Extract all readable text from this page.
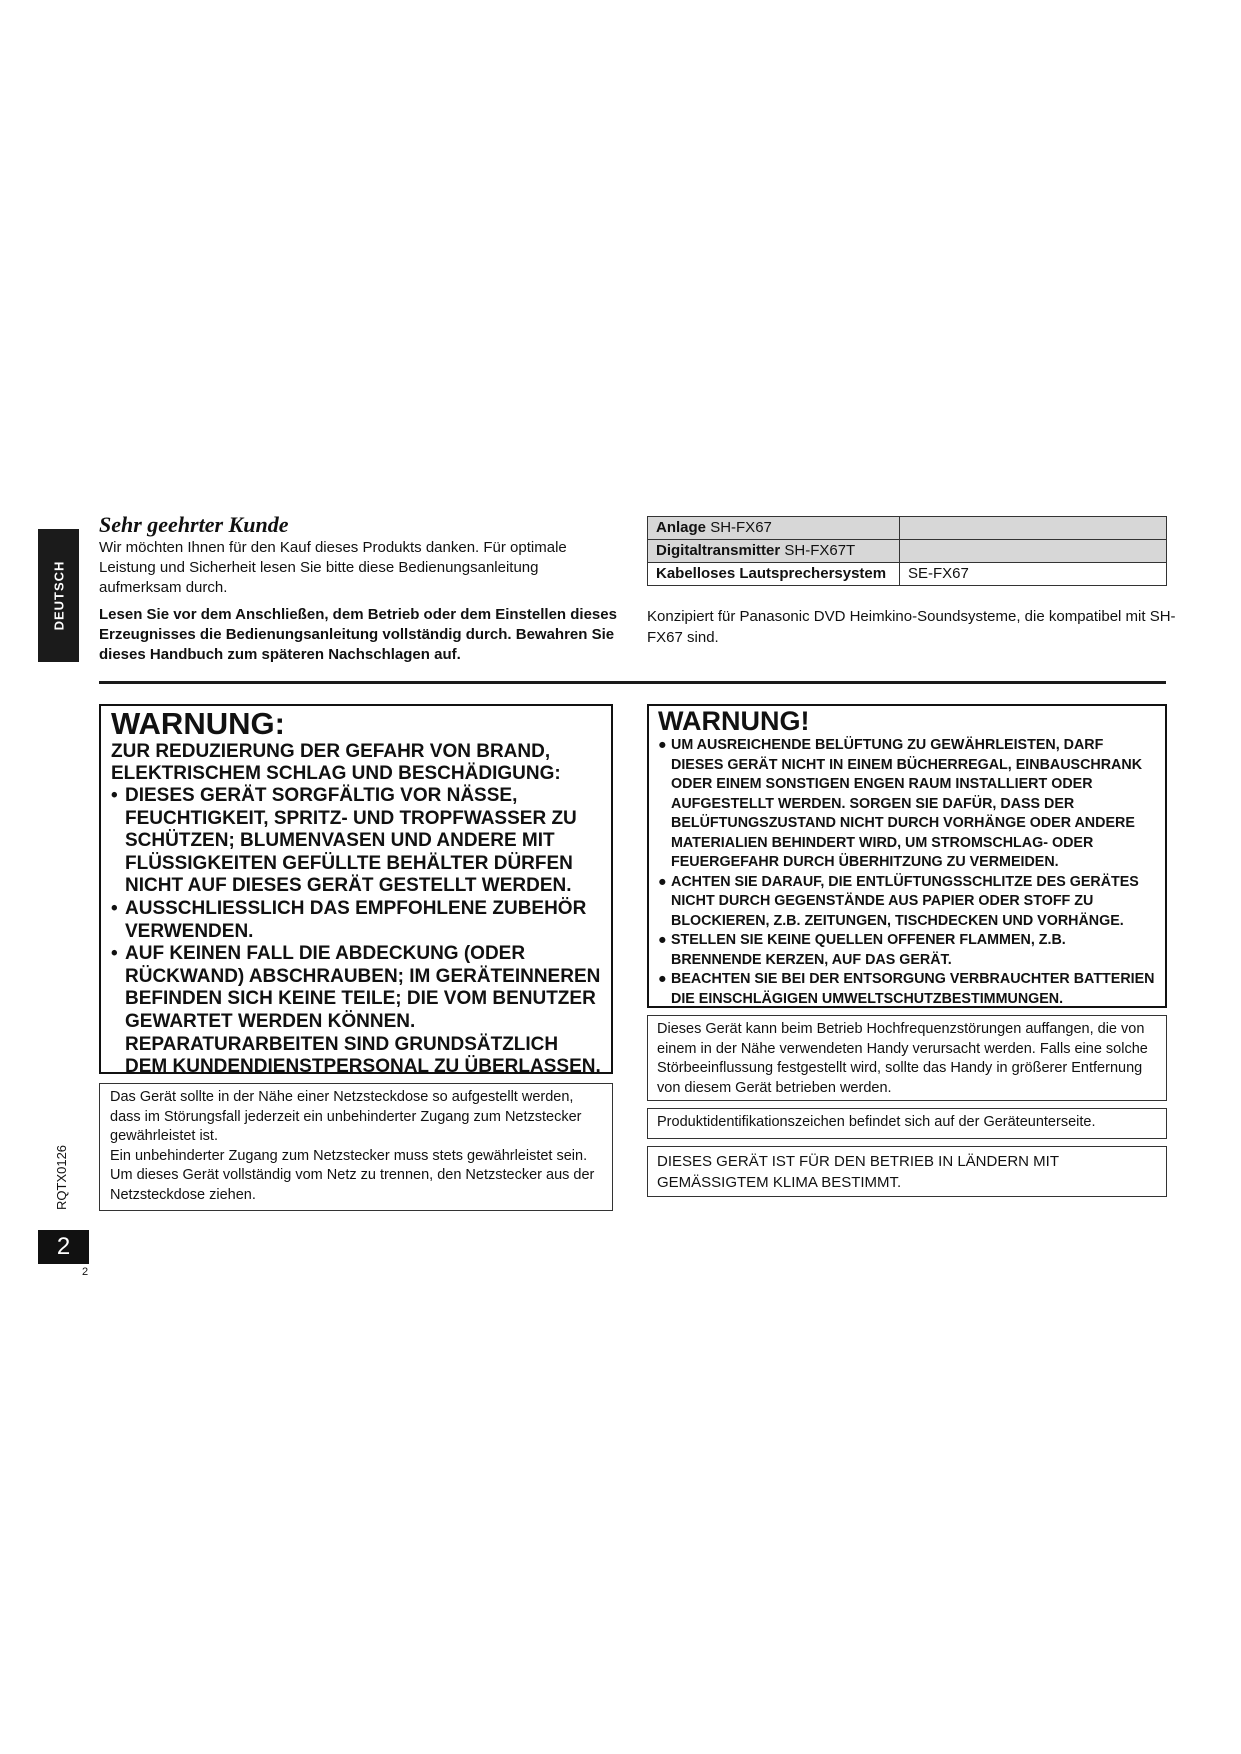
DEUTSCH
Sehr geehrter Kunde
Wir möchten Ihnen für den Kauf dieses Produkts danken. Für optimale Leistung und Sicherheit lesen Sie bitte diese Bedienungsanleitung aufmerksam durch.
Lesen Sie vor dem Anschließen, dem Betrieb oder dem Einstellen dieses Erzeugnisses die Bedienungsanleitung vollständig durch. Bewahren Sie dieses Handbuch zum späteren Nachschlagen auf.
Anlage SH-FX67	
Digitaltransmitter SH-FX67T	
Kabelloses Lautsprechersystem	SE-FX67
Konzipiert für Panasonic DVD Heimkino-Soundsysteme, die kompatibel mit SH-FX67 sind.
WARNUNG:
ZUR REDUZIERUNG DER GEFAHR VON BRAND, ELEKTRISCHEM SCHLAG UND BESCHÄDIGUNG:
• DIESES GERÄT SORGFÄLTIG VOR NÄSSE, FEUCHTIGKEIT, SPRITZ- UND TROPFWASSER ZU SCHÜTZEN; BLUMENVASEN UND ANDERE MIT FLÜSSIGKEITEN GEFÜLLTE BEHÄLTER DÜRFEN NICHT AUF DIESES GERÄT GESTELLT WERDEN.
• AUSSCHLIESSLICH DAS EMPFOHLENE ZUBEHÖR VERWENDEN.
• AUF KEINEN FALL DIE ABDECKUNG (ODER RÜCKWAND) ABSCHRAUBEN; IM GERÄTEINNEREN BEFINDEN SICH KEINE TEILE; DIE VOM BENUTZER GEWARTET WERDEN KÖNNEN. REPARATURARBEITEN SIND GRUNDSÄTZLICH DEM KUNDENDIENSTPERSONAL ZU ÜBERLASSEN.
Das Gerät sollte in der Nähe einer Netzsteckdose so aufgestellt werden, dass im Störungsfall jederzeit ein unbehinderter Zugang zum Netzstecker gewährleistet ist.
Ein unbehinderter Zugang zum Netzstecker muss stets gewährleistet sein. Um dieses Gerät vollständig vom Netz zu trennen, den Netzstecker aus der Netzsteckdose ziehen.
WARNUNG!
● UM AUSREICHENDE BELÜFTUNG ZU GEWÄHRLEISTEN, DARF DIESES GERÄT NICHT IN EINEM BÜCHERREGAL, EINBAUSCHRANK ODER EINEM SONSTIGEN ENGEN RAUM INSTALLIERT ODER AUFGESTELLT WERDEN. SORGEN SIE DAFÜR, DASS DER BELÜFTUNGSZUSTAND NICHT DURCH VORHÄNGE ODER ANDERE MATERIALIEN BEHINDERT WIRD, UM STROMSCHLAG- ODER FEUERGEFAHR DURCH ÜBERHITZUNG ZU VERMEIDEN.
● ACHTEN SIE DARAUF, DIE ENTLÜFTUNGSSCHLITZE DES GERÄTES NICHT DURCH GEGENSTÄNDE AUS PAPIER ODER STOFF ZU BLOCKIEREN, Z.B. ZEITUNGEN, TISCHDECKEN UND VORHÄNGE.
● STELLEN SIE KEINE QUELLEN OFFENER FLAMMEN, Z.B. BRENNENDE KERZEN, AUF DAS GERÄT.
● BEACHTEN SIE BEI DER ENTSORGUNG VERBRAUCHTER BATTERIEN DIE EINSCHLÄGIGEN UMWELTSCHUTZBESTIMMUNGEN.
Dieses Gerät kann beim Betrieb Hochfrequenzstörungen auffangen, die von einem in der Nähe verwendeten Handy verursacht werden. Falls eine solche Störbeeinflussung festgestellt wird, sollte das Handy in größerer Entfernung von diesem Gerät betrieben werden.
Produktidentifikationszeichen befindet sich auf der Geräteunterseite.
DIESES GERÄT IST FÜR DEN BETRIEB IN LÄNDERN MIT GEMÄSSIGTEM KLIMA BESTIMMT.
RQTX0126
2
2
